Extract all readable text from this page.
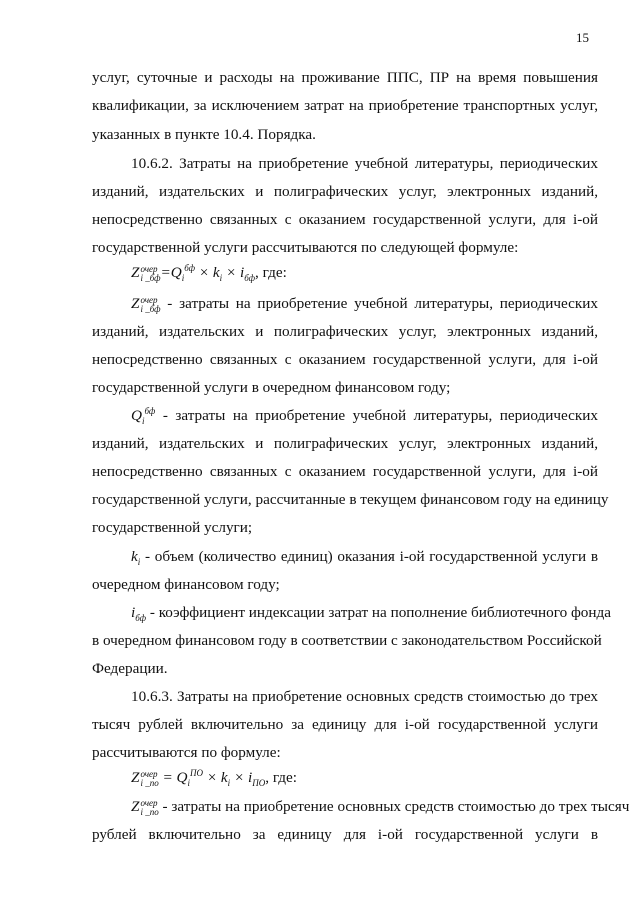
15
услуг, суточные и расходы на проживание ППС, ПР на время повышения
квалификации, за исключением затрат на приобретение транспортных услуг,
указанных в пункте 10.4. Порядка.
10.6.2. Затраты на приобретение учебной литературы, периодических
изданий, издательских и полиграфических услуг, электронных изданий,
непосредственно связанных с оказанием государственной услуги, для i-ой
государственной услуги рассчитываются по следующей формуле:
Z очер
i _бф $=Q_i^{бф} \times k_i \times i_{бф}$, где:
Z очер
i _бф - затраты на приобретение учебной литературы, периодических
изданий, издательских и полиграфических услуг, электронных изданий,
непосредственно связанных с оказанием государственной услуги, для i-ой
государственной услуги в очередном финансовом году;
$Q_i^{бф}$ - затраты на приобретение учебной литературы, периодических
изданий, издательских и полиграфических услуг, электронных изданий,
непосредственно связанных с оказанием государственной услуги, для i-ой
государственной услуги, рассчитанные в текущем финансовом году на единицу
государственной услуги;
$k_i$ - объем (количество единиц) оказания i-ой государственной услуги в
очередном финансовом году;
$i_{бф}$ - коэффициент индексации затрат на пополнение библиотечного фонда
в очередном финансовом году в соответствии с законодательством Российской
Федерации.
10.6.3. Затраты на приобретение основных средств стоимостью до трех
тысяч рублей включительно за единицу для i-ой государственной услуги
рассчитываются по формуле:
Z очер
i _по = $Q_i^{ПО} \times k_i \times i_{ПО}$, где:
Z очер
i _по - затраты на приобретение основных средств стоимостью до трех тысяч
рублей включительно за единицу для i-ой государственной услуги в
